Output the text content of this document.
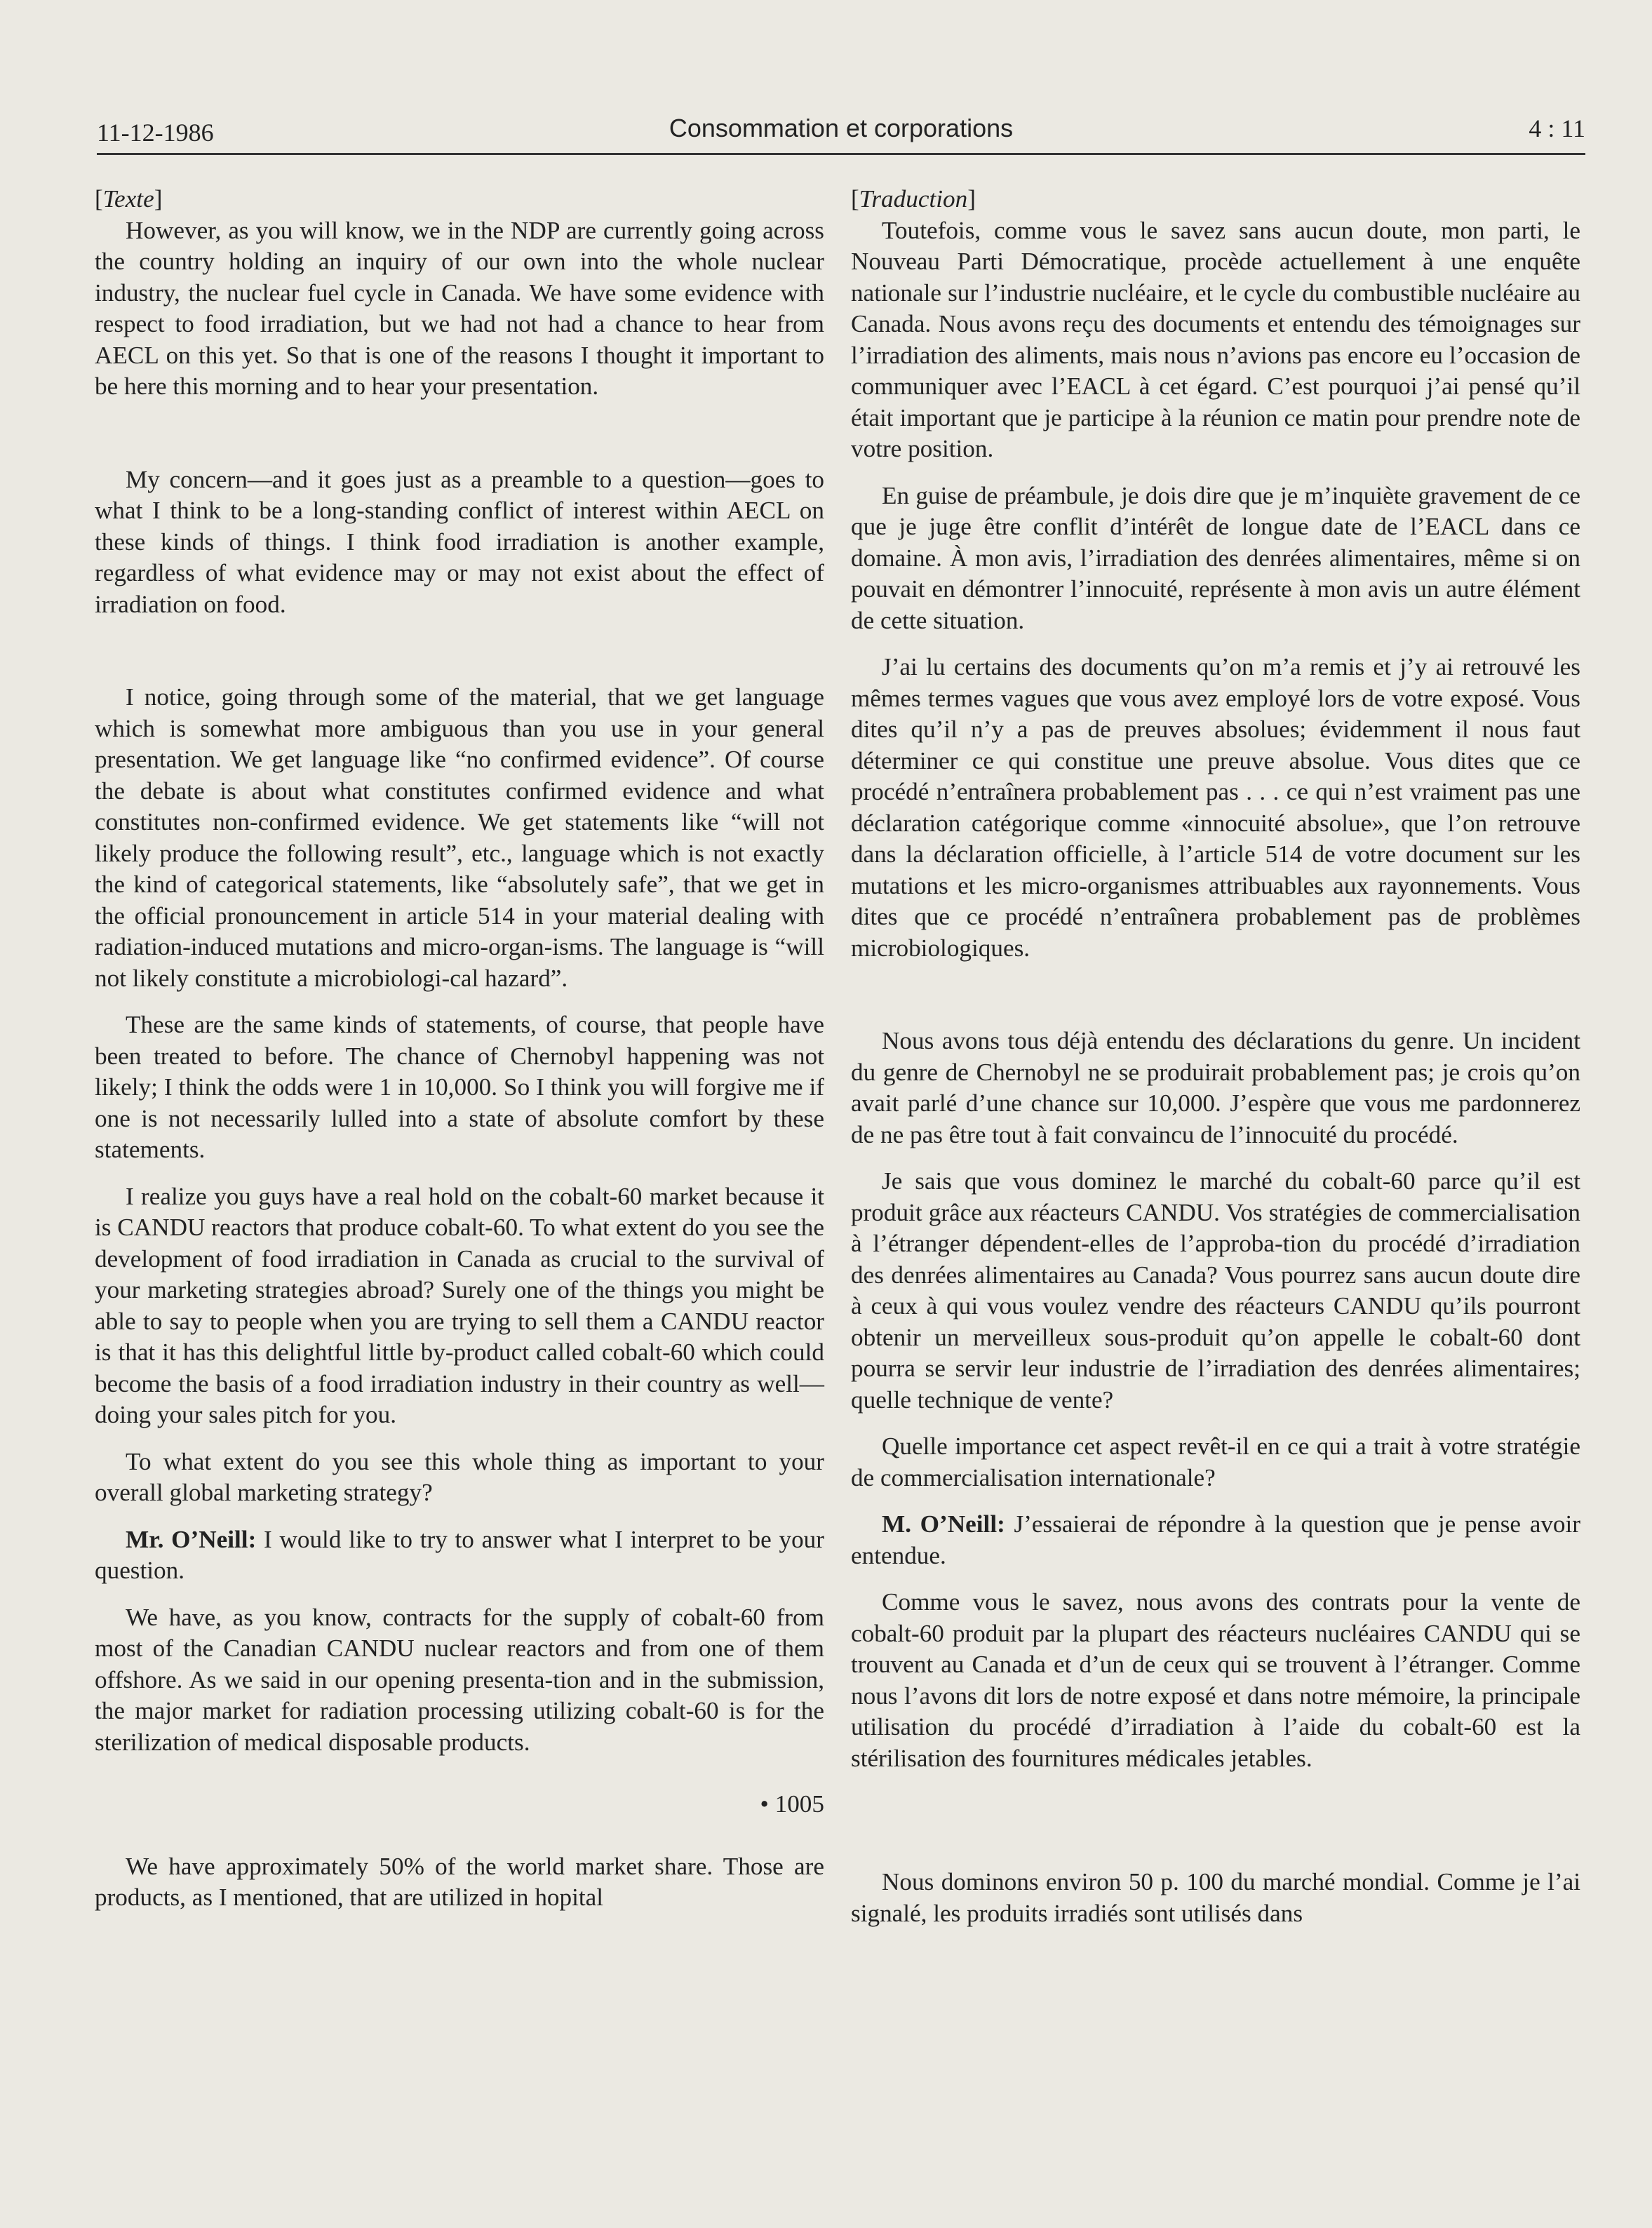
11-12-1986	Consommation et corporations	4 : 11

[Texte]

However, as you will know, we in the NDP are currently going across the country holding an inquiry of our own into the whole nuclear industry, the nuclear fuel cycle in Canada. We have some evidence with respect to food irradiation, but we had not had a chance to hear from AECL on this yet. So that is one of the reasons I thought it important to be here this morning and to hear your presentation.

My concern—and it goes just as a preamble to a question—goes to what I think to be a long-standing conflict of interest within AECL on these kinds of things. I think food irradiation is another example, regardless of what evidence may or may not exist about the effect of irradiation on food.

I notice, going through some of the material, that we get language which is somewhat more ambiguous than you use in your general presentation. We get language like “no confirmed evidence”. Of course the debate is about what constitutes confirmed evidence and what constitutes non-confirmed evidence. We get statements like “will not likely produce the following result”, etc., language which is not exactly the kind of categorical statements, like “absolutely safe”, that we get in the official pronouncement in article 514 in your material dealing with radiation-induced mutations and micro-organ-isms. The language is “will not likely constitute a microbiologi-cal hazard”.

These are the same kinds of statements, of course, that people have been treated to before. The chance of Chernobyl happening was not likely; I think the odds were 1 in 10,000. So I think you will forgive me if one is not necessarily lulled into a state of absolute comfort by these statements.

I realize you guys have a real hold on the cobalt-60 market because it is CANDU reactors that produce cobalt-60. To what extent do you see the development of food irradiation in Canada as crucial to the survival of your marketing strategies abroad? Surely one of the things you might be able to say to people when you are trying to sell them a CANDU reactor is that it has this delightful little by-product called cobalt-60 which could become the basis of a food irradiation industry in their country as well—doing your sales pitch for you.

To what extent do you see this whole thing as important to your overall global marketing strategy?

Mr. O’Neill: I would like to try to answer what I interpret to be your question.

We have, as you know, contracts for the supply of cobalt-60 from most of the Canadian CANDU nuclear reactors and from one of them offshore. As we said in our opening presenta-tion and in the submission, the major market for radiation processing utilizing cobalt-60 is for the sterilization of medical disposable products.

• 1005

We have approximately 50% of the world market share. Those are products, as I mentioned, that are utilized in hopital

[Traduction]

Toutefois, comme vous le savez sans aucun doute, mon parti, le Nouveau Parti Démocratique, procède actuellement à une enquête nationale sur l’industrie nucléaire, et le cycle du combustible nucléaire au Canada. Nous avons reçu des documents et entendu des témoignages sur l’irradiation des aliments, mais nous n’avions pas encore eu l’occasion de communiquer avec l’EACL à cet égard. C’est pourquoi j’ai pensé qu’il était important que je participe à la réunion ce matin pour prendre note de votre position.

En guise de préambule, je dois dire que je m’inquiète gravement de ce que je juge être conflit d’intérêt de longue date de l’EACL dans ce domaine. À mon avis, l’irradiation des denrées alimentaires, même si on pouvait en démontrer l’innocuité, représente à mon avis un autre élément de cette situation.

J’ai lu certains des documents qu’on m’a remis et j’y ai retrouvé les mêmes termes vagues que vous avez employé lors de votre exposé. Vous dites qu’il n’y a pas de preuves absolues; évidemment il nous faut déterminer ce qui constitue une preuve absolue. Vous dites que ce procédé n’entraînera probablement pas . . . ce qui n’est vraiment pas une déclaration catégorique comme «innocuité absolue», que l’on retrouve dans la déclaration officielle, à l’article 514 de votre document sur les mutations et les micro-organismes attribuables aux rayonnements. Vous dites que ce procédé n’entraînera probablement pas de problèmes microbiologiques.

Nous avons tous déjà entendu des déclarations du genre. Un incident du genre de Chernobyl ne se produirait probablement pas; je crois qu’on avait parlé d’une chance sur 10,000. J’espère que vous me pardonnerez de ne pas être tout à fait convaincu de l’innocuité du procédé.

Je sais que vous dominez le marché du cobalt-60 parce qu’il est produit grâce aux réacteurs CANDU. Vos stratégies de commercialisation à l’étranger dépendent-elles de l’approba-tion du procédé d’irradiation des denrées alimentaires au Canada? Vous pourrez sans aucun doute dire à ceux à qui vous voulez vendre des réacteurs CANDU qu’ils pourront obtenir un merveilleux sous-produit qu’on appelle le cobalt-60 dont pourra se servir leur industrie de l’irradiation des denrées alimentaires; quelle technique de vente?

Quelle importance cet aspect revêt-il en ce qui a trait à votre stratégie de commercialisation internationale?

M. O’Neill: J’essaierai de répondre à la question que je pense avoir entendue.

Comme vous le savez, nous avons des contrats pour la vente de cobalt-60 produit par la plupart des réacteurs nucléaires CANDU qui se trouvent au Canada et d’un de ceux qui se trouvent à l’étranger. Comme nous l’avons dit lors de notre exposé et dans notre mémoire, la principale utilisation du procédé d’irradiation à l’aide du cobalt-60 est la stérilisation des fournitures médicales jetables.

Nous dominons environ 50 p. 100 du marché mondial. Comme je l’ai signalé, les produits irradiés sont utilisés dans
